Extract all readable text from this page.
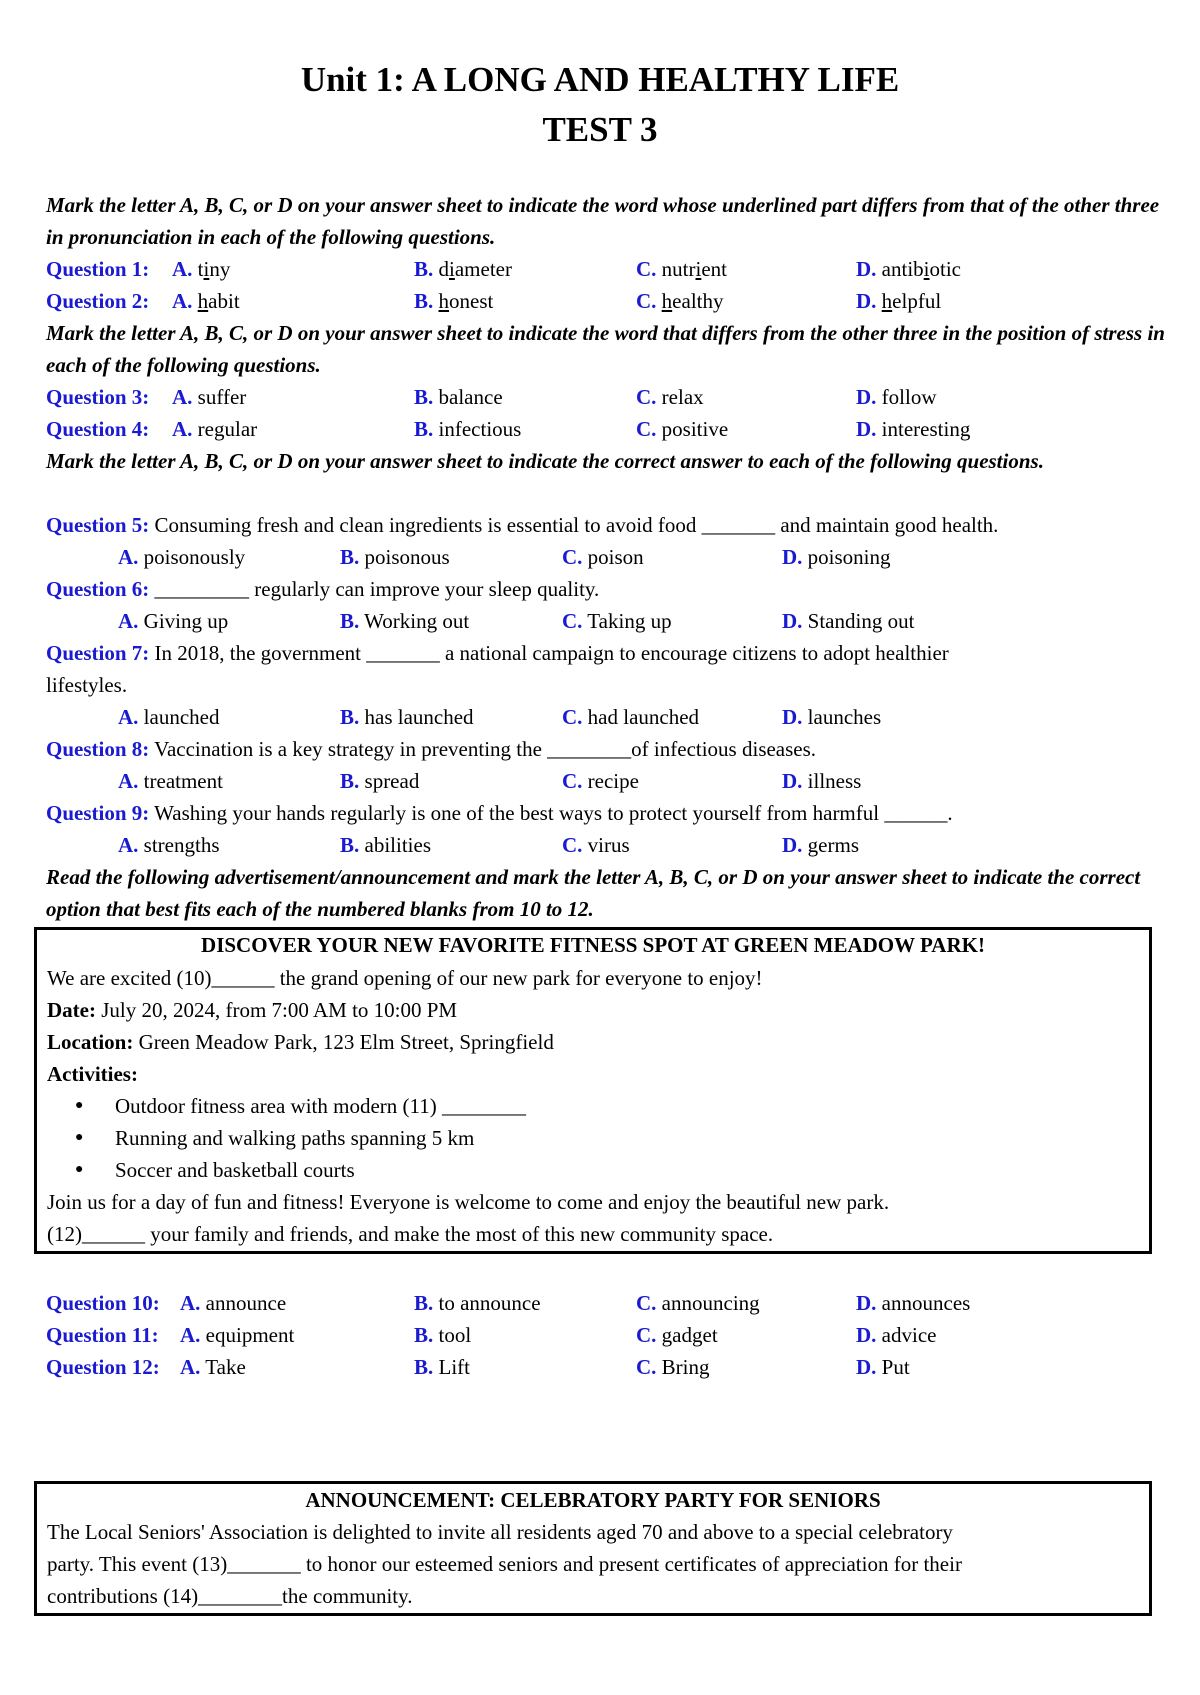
Unit 1: A LONG AND HEALTHY LIFE
TEST 3
Mark the letter A, B, C, or D on your answer sheet to indicate the word whose underlined part differs from that of the other three in pronunciation in each of the following questions.
Question 1: A. tiny	B. diameter	C. nutrient	D. antibiotic
Question 2: A. habit	B. honest	C. healthy	D. helpful
Mark the letter A, B, C, or D on your answer sheet to indicate the word that differs from the other three in the position of stress in each of the following questions.
Question 3: A. suffer	B. balance	C. relax	D. follow
Question 4: A. regular	B. infectious	C. positive	D. interesting
Mark the letter A, B, C, or D on your answer sheet to indicate the correct answer to each of the following questions.
Question 5: Consuming fresh and clean ingredients is essential to avoid food _______ and maintain good health.
A. poisonously	B. poisonous	C. poison	D. poisoning
Question 6: _________ regularly can improve your sleep quality.
A. Giving up	B. Working out	C. Taking up	D. Standing out
Question 7: In 2018, the government _______ a national campaign to encourage citizens to adopt healthier
lifestyles.
A. launched	B. has launched	C. had launched	D. launches
Question 8: Vaccination is a key strategy in preventing the ________of infectious diseases.
A. treatment	B. spread	C. recipe	D. illness
Question 9: Washing your hands regularly is one of the best ways to protect yourself from harmful ______.
A. strengths	B. abilities	C. virus	D. germs
Read the following advertisement/announcement and mark the letter A, B, C, or D on your answer sheet to indicate the correct option that best fits each of the numbered blanks from 10 to 12.
DISCOVER YOUR NEW FAVORITE FITNESS SPOT AT GREEN MEADOW PARK!
We are excited (10)______ the grand opening of our new park for everyone to enjoy!
Date: July 20, 2024, from 7:00 AM to 10:00 PM
Location: Green Meadow Park, 123 Elm Street, Springfield
Activities:
● Outdoor fitness area with modern (11) ________
● Running and walking paths spanning 5 km
● Soccer and basketball courts
Join us for a day of fun and fitness! Everyone is welcome to come and enjoy the beautiful new park.
(12)______ your family and friends, and make the most of this new community space.
Question 10: A. announce	B. to announce	C. announcing	D. announces
Question 11: A. equipment	B. tool	C. gadget	D. advice
Question 12: A. Take	B. Lift	C. Bring	D. Put
ANNOUNCEMENT: CELEBRATORY PARTY FOR SENIORS
The Local Seniors' Association is delighted to invite all residents aged 70 and above to a special celebratory
party. This event (13)_______ to honor our esteemed seniors and present certificates of appreciation for their
contributions (14)________the community.
